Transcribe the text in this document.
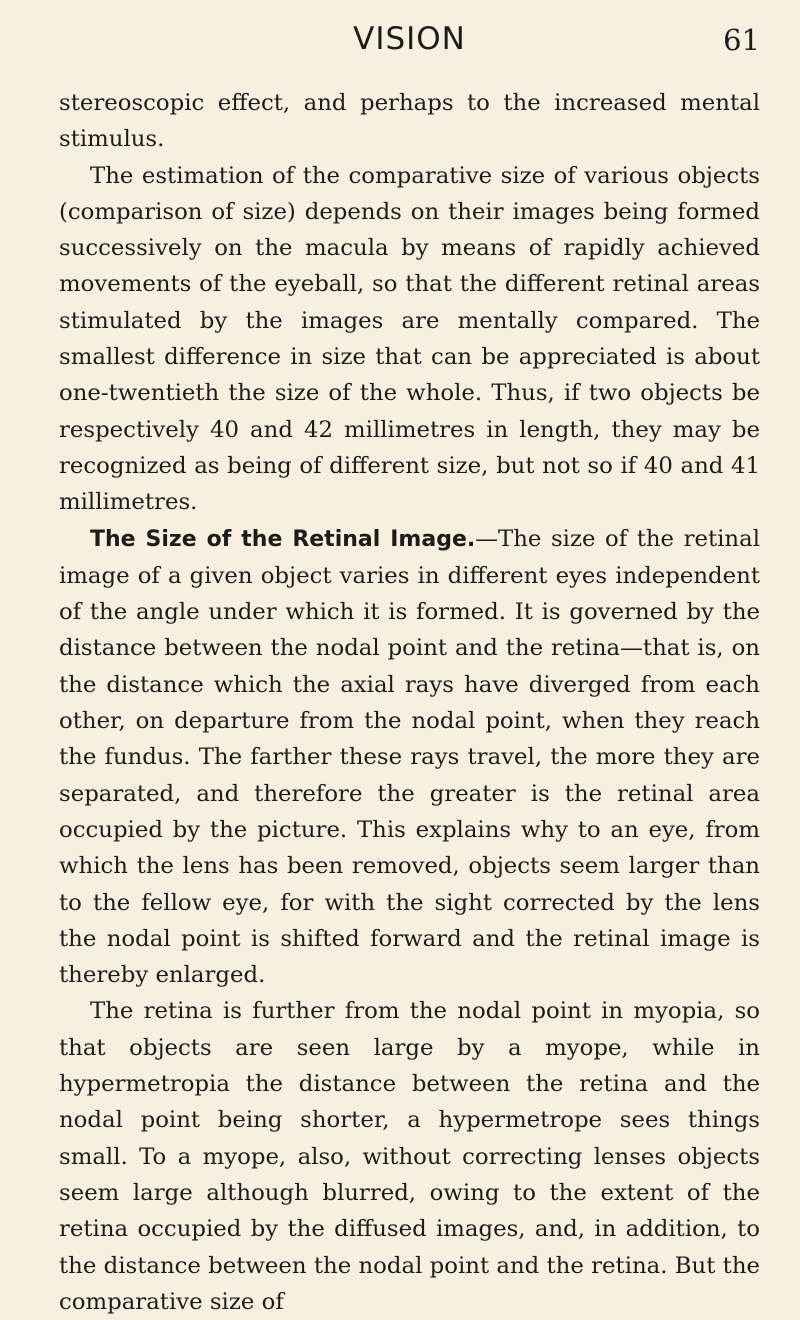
VISION	61

stereoscopic effect, and perhaps to the increased mental stimulus.

The estimation of the comparative size of various objects (comparison of size) depends on their images being formed successively on the macula by means of rapidly achieved movements of the eyeball, so that the different retinal areas stimulated by the images are mentally compared. The smallest difference in size that can be appreciated is about one-twentieth the size of the whole. Thus, if two objects be respectively 40 and 42 millimetres in length, they may be recognized as being of different size, but not so if 40 and 41 millimetres.

The Size of the Retinal Image.—The size of the retinal image of a given object varies in different eyes independent of the angle under which it is formed. It is governed by the distance between the nodal point and the retina—that is, on the distance which the axial rays have diverged from each other, on departure from the nodal point, when they reach the fundus. The farther these rays travel, the more they are separated, and therefore the greater is the retinal area occupied by the picture. This explains why to an eye, from which the lens has been removed, objects seem larger than to the fellow eye, for with the sight corrected by the lens the nodal point is shifted forward and the retinal image is thereby enlarged.

The retina is further from the nodal point in myopia, so that objects are seen large by a myope, while in hypermetropia the distance between the retina and the nodal point being shorter, a hypermetrope sees things small. To a myope, also, without correcting lenses objects seem large although blurred, owing to the extent of the retina occupied by the diffused images, and, in addition, to the distance between the nodal point and the retina. But the comparative size of
